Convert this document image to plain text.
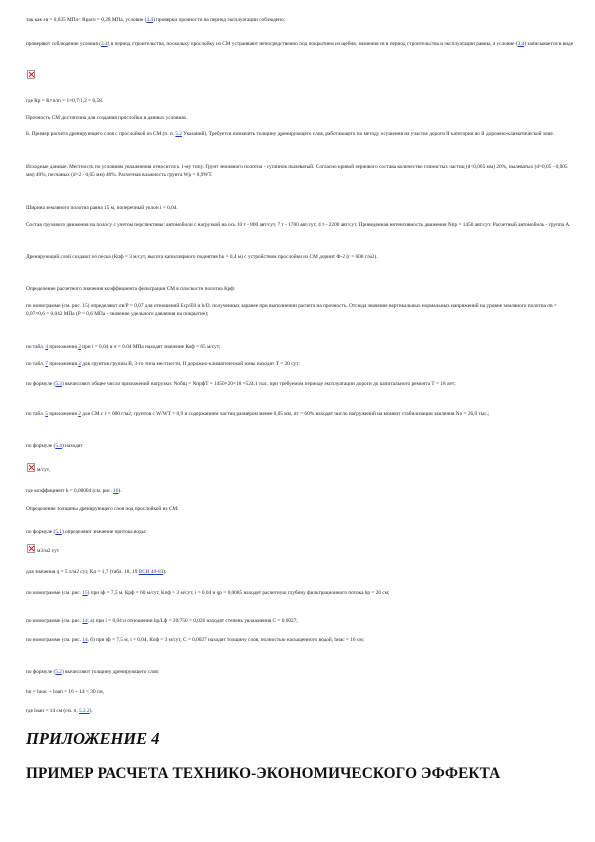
так как εв = 0,035 МПа< Rрасч = 0,28 МПа, условие (3.4) проверки прочности на период эксплуатации соблюдено;

проверяют соблюдение условия (3.4) в период строительства, поскольку прослойку из СМ устраивают непосредственно под покрытием из щебня, значения εв в период строительства и эксплуатации равны, а условие (3.4) записывается в виде

где Кр = К×n/m = 1×0,7/1,2 = 0,58.

Прочность СМ достаточна для создания прослойки в данных условиях.

Б. Пример расчета дренирующего слоя с прослойкой из СМ (п. п. 5.2 Указаний). Требуется назначить толщину дренирующего слоя, работающего по методу осушения на участке дороги II категории во II дорожно-климатической зоне.

Исходные данные. Местность по условиям увлажнения относится к 1-му типу. Грунт земляного полотна - суглинок пылеватый. Согласно кривой зернового состава количество глинистых частиц (d<0,005 мм) 20%, пылеватых (d=0,05 - 0,005 мм) 40%, песчаных (d=2 - 0,05 мм) 40%. Расчетная влажность грунта Wр = 0,9WТ.

Ширина земляного полотна равна 15 м, поперечный уклон i = 0,04.

Состав грузового движения на полосу с учетом перспективы: автомобили с нагрузкой на ось 10 т - 800 авт/сут, 7 т - 1700 авт/сут, 4 т - 2200 авт/сут. Приведенная интенсивность движения Nпр = 1450 авт/сут. Расчетный автомобиль - группа А.

Дренирующий слой создают из песка (Кпф = 3 м/сут, высота капиллярного поднятия hк = 0,4 м) с устройством прослойки из СМ дорнит Ф-2 (r = 600 г/м2).

Определение расчетного значения коэффициента фильтрации СМ в плоскости полотна Крф:

по номограмме (см. рис. 15) определяют σв/Р = 0,07 для отношений Еср/Е0 и h/D, полученных заранее при выполнении расчета на прочность. Отсюда значение вертикальных нормальных напряжений на уровне земляного полотна σв = 0,07×0,6 = 0,042 МПа (Р = 0,6 МПа - значение удельного давления на покрытие);

по табл. 4 приложения 2 при i = 0,04 и σ = 0.04 МПа находят значение Коф = 65 м/сут;

по табл. 7 приложения 2 для грунтов группы В, 3-го типа местности, II дорожно-климатической зоны находят Т = 20 сут;

по формуле (5.3) вычисляют общее число приложений нагрузки: Nобщ = NпрфТ = 1450×20×18 =524,1 тыс. при требуемом периоде эксплуатации дороги до капитального ремонта Т = 18 лет;

по табл. 5 приложения 2 для СМ с r = 600 г/м2, грунтов с W/WТ = 0,9 и содержанием частиц размером менее 0,05 мм, пт = 60% находят число нагружений на момент стабилизации заиления No = 26,0 тыс.;

по формуле (5.4) находят

м/сут,

где коэффициент b = 0,00004 (см. рис. 16).

Определение толщины дренирующего слоя под прослойкой из СМ:

по формуле (5.1) определяют значение притока воды:

м3/м2 сут

для значения q = 5 л/м2 сут, Кп = 1,7 (табл. 18, 19 ВСН 46-83);

по номограмме (см. рис. 15) при iф = 7,5 м, Крф = 60 м/сут, Кпф = 3 м/сут, i = 0,04 и qр = 0,0085 находят расчетную глубину фильтрационного потока hр = 20 см;

по номограмме (см. рис. 14, а) при i = 0,04 и отношении hр/Lф = 20/750 = 0,026 находят степень увлажнения С = 0,0027;

по номограмме (см. рис. 14, б) при iф = 7,5 м, i = 0,04, Кпф = 3 м/сут, С = 0,0027 находят толщину слоя, полностью насыщенного водой, hнас = 16 см;

по формуле (5.2) вычисляют толщину дренирующего слоя:

hп = hнас + hзап = 16 + 14 = 30 см,

где hзап = 14 см (см. п. 5.2.2).

ПРИЛОЖЕНИЕ 4
ПРИМЕР РАСЧЕТА ТЕХНИКО-ЭКОНОМИЧЕСКОГО ЭФФЕКТА
